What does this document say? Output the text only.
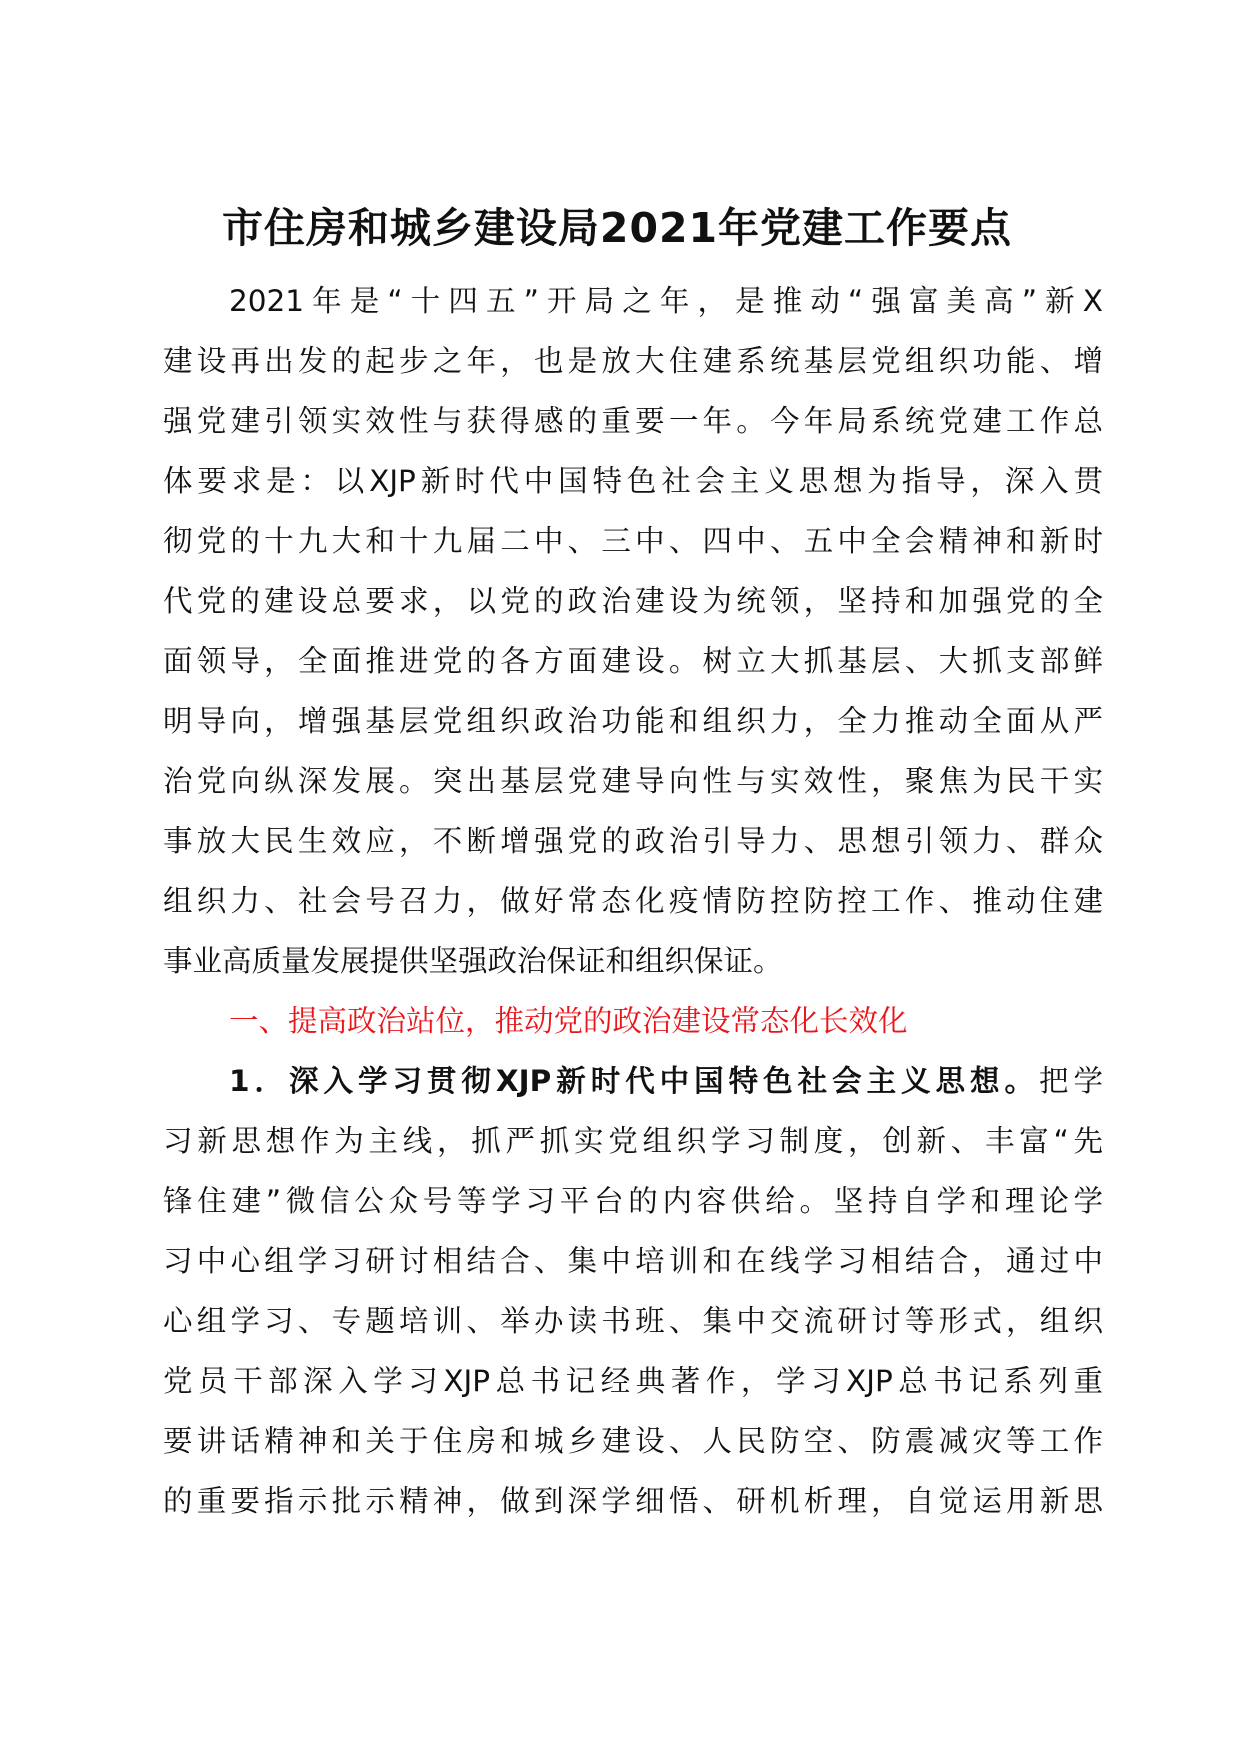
市住房和城乡建设局2021年党建工作要点
2021年是“十四五”开局之年，是推动“强富美高”新X
建设再出发的起步之年，也是放大住建系统基层党组织功能、增
强党建引领实效性与获得感的重要一年。今年局系统党建工作总
体要求是：以XJP新时代中国特色社会主义思想为指导，深入贯
彻党的十九大和十九届二中、三中、四中、五中全会精神和新时
代党的建设总要求，以党的政治建设为统领，坚持和加强党的全
面领导，全面推进党的各方面建设。树立大抓基层、大抓支部鲜
明导向，增强基层党组织政治功能和组织力，全力推动全面从严
治党向纵深发展。突出基层党建导向性与实效性，聚焦为民干实
事放大民生效应，不断增强党的政治引导力、思想引领力、群众
组织力、社会号召力，做好常态化疫情防控防控工作、推动住建
事业高质量发展提供坚强政治保证和组织保证。
一、提高政治站位，推动党的政治建设常态化长效化
1．深入学习贯彻XJP新时代中国特色社会主义思想。把学
习新思想作为主线，抓严抓实党组织学习制度，创新、丰富“先
锋住建”微信公众号等学习平台的内容供给。坚持自学和理论学
习中心组学习研讨相结合、集中培训和在线学习相结合，通过中
心组学习、专题培训、举办读书班、集中交流研讨等形式，组织
党员干部深入学习XJP总书记经典著作，学习XJP总书记系列重
要讲话精神和关于住房和城乡建设、人民防空、防震减灾等工作
的重要指示批示精神，做到深学细悟、研机析理，自觉运用新思
